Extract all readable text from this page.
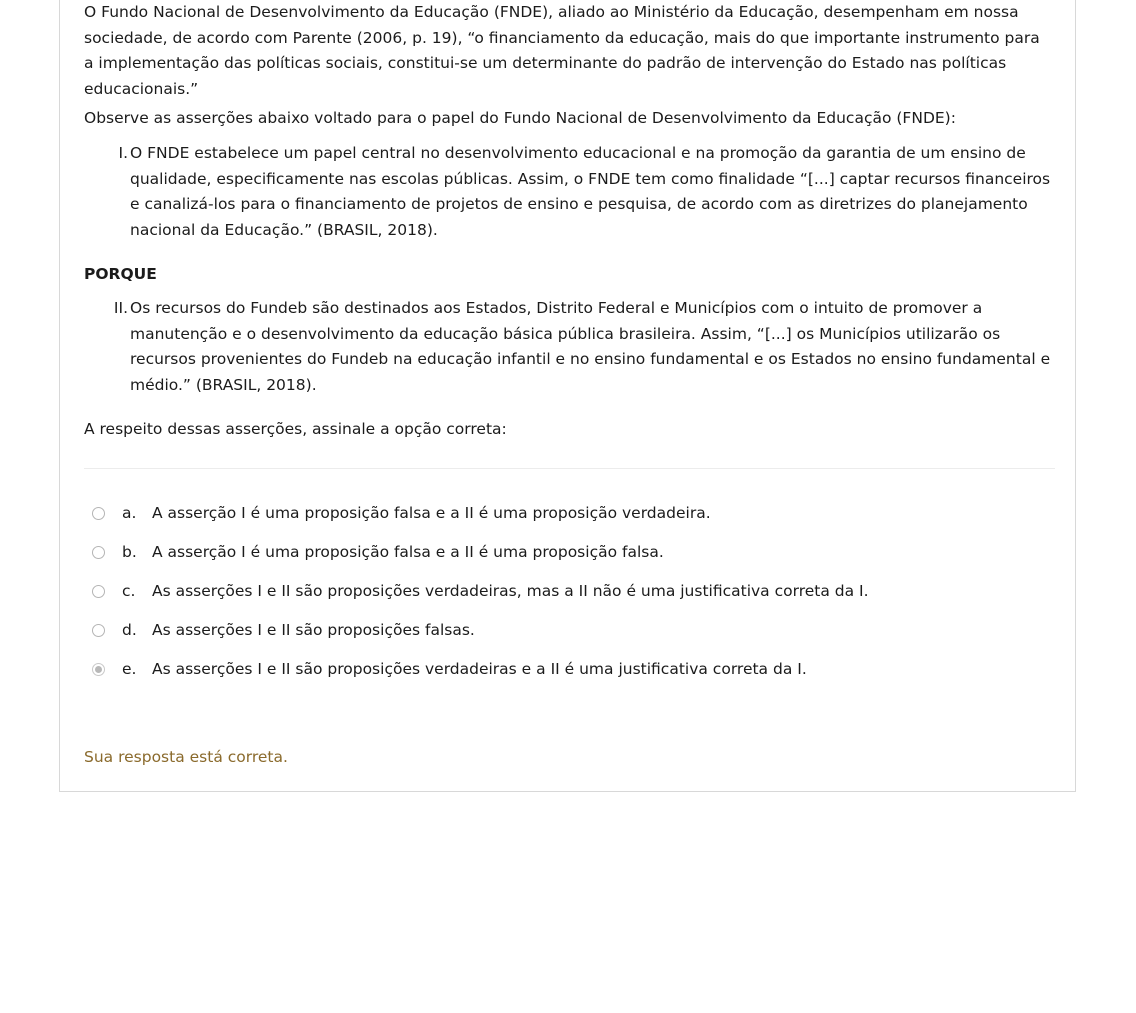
O Fundo Nacional de Desenvolvimento da Educação (FNDE), aliado ao Ministério da Educação, desempenham em nossa sociedade, de acordo com Parente (2006, p. 19), “o financiamento da educação, mais do que importante instrumento para a implementação das políticas sociais, constitui-se um determinante do padrão de intervenção do Estado nas políticas educacionais.”

Observe as asserções abaixo voltado para o papel do Fundo Nacional de Desenvolvimento da Educação (FNDE):

I. O FNDE estabelece um papel central no desenvolvimento educacional e na promoção da garantia de um ensino de qualidade, especificamente nas escolas públicas. Assim, o FNDE tem como finalidade “[...] captar recursos financeiros e canalizá-los para o financiamento de projetos de ensino e pesquisa, de acordo com as diretrizes do planejamento nacional da Educação.” (BRASIL, 2018).

PORQUE

II. Os recursos do Fundeb são destinados aos Estados, Distrito Federal e Municípios com o intuito de promover a manutenção e o desenvolvimento da educação básica pública brasileira. Assim, “[...] os Municípios utilizarão os recursos provenientes do Fundeb na educação infantil e no ensino fundamental e os Estados no ensino fundamental e médio.” (BRASIL, 2018).

A respeito dessas asserções, assinale a opção correta:

a.	A asserção I é uma proposição falsa e a II é uma proposição verdadeira.
b. A asserção I é uma proposição falsa e a II é uma proposição falsa.
c.	As asserções I e II são proposições verdadeiras, mas a II não é uma justificativa correta da I.
d. As asserções I e II são proposições falsas.
e.	As asserções I e II são proposições verdadeiras e a II é uma justificativa correta da I.
Sua resposta está correta.
